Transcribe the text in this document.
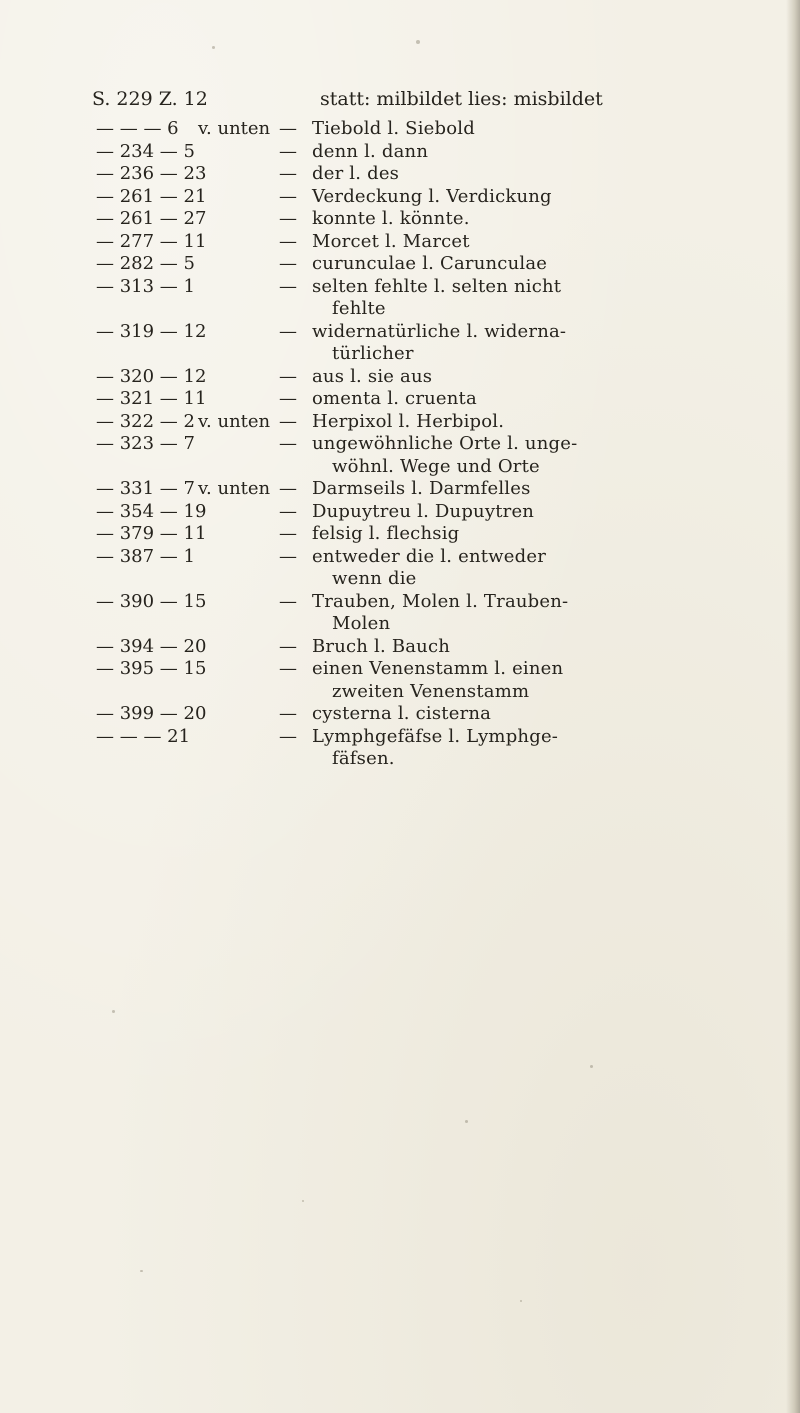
S. 229 Z. 12	statt: milbildet lies: misbildet
— — — 6	v. unten — Tiebold l. Siebold
— 234 — 5	— denn l. dann
— 236 — 23	— der l. des
— 261 — 21	— Verdeckung l. Verdickung
— 261 — 27	— konnte l. könnte.
— 277 — 11	— Morcet l. Marcet
— 282 — 5	— curunculae l. Carunculae
— 313 — 1	— selten fehlte l. selten nicht
fehlte
— 319 — 12	— widernatürliche l. widerna-
türlicher
— 320 — 12	— aus l. sie aus
— 321 — 11	— omenta l. cruenta
— 322 — 2 v. unten — Herpixol l. Herbipol.
— 323 — 7	— ungewöhnliche Orte l. unge-
wöhnl. Wege und Orte
— 331 — 7 v. unten — Darmseils l. Darmfelles
— 354 — 19	— Dupuytreu l. Dupuytren
— 379 — 11	— felsig l. flechsig
— 387 — 1	— entweder die l. entweder
wenn die
— 390 — 15	— Trauben, Molen l. Trauben-
Molen
— 394 — 20	— Bruch l. Bauch
— 395 — 15	— einen Venenstamm l. einen
zweiten Venenstamm
— 399 — 20	— cysterna l. cisterna
— — — 21	— Lymphgefäfse l. Lymphge-
fäfsen.
